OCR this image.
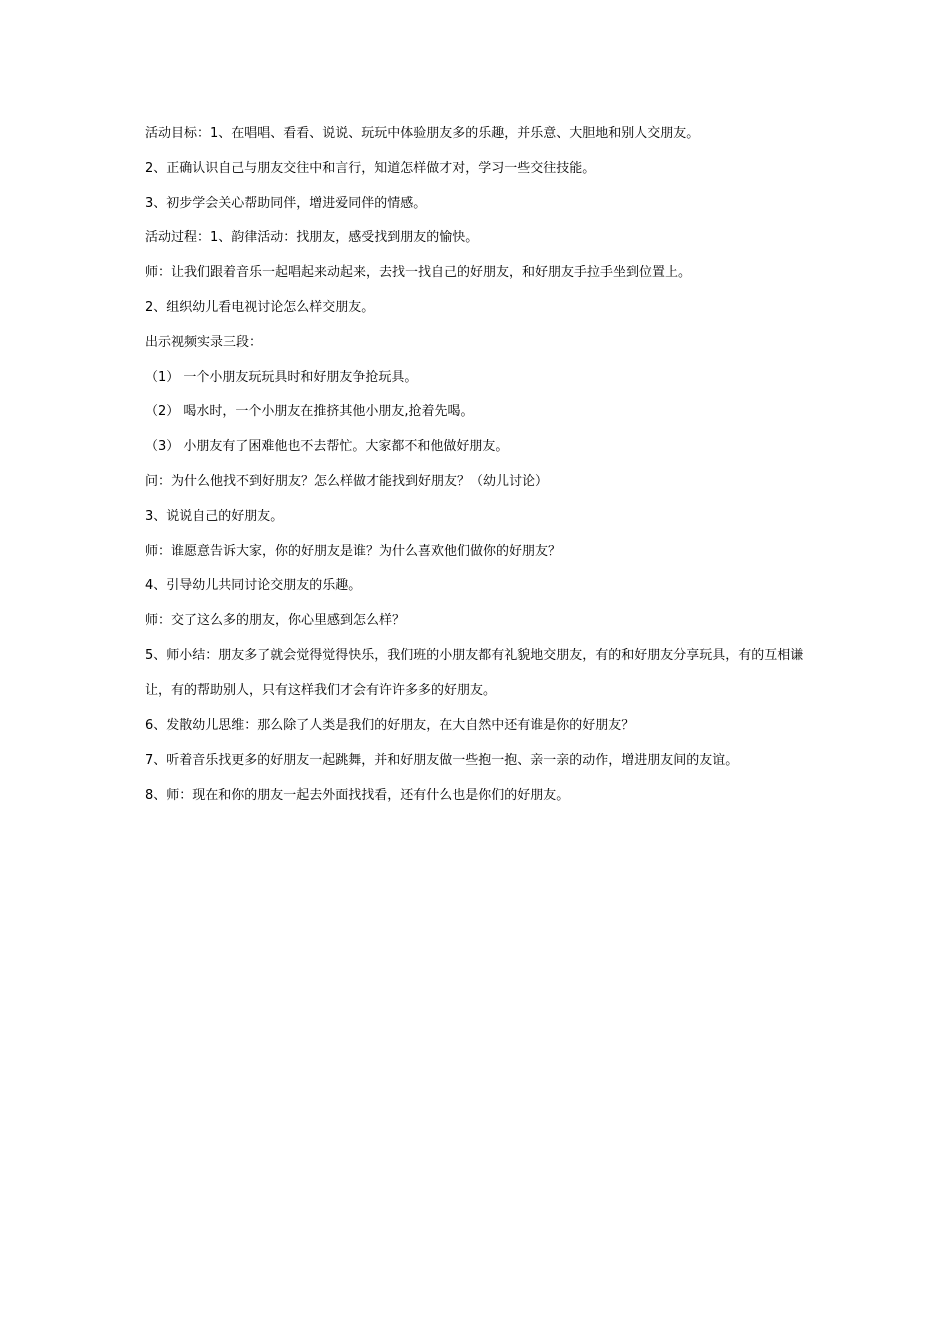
活动目标：1、在唱唱、看看、说说、玩玩中体验朋友多的乐趣，并乐意、大胆地和别人交朋友。

2、正确认识自己与朋友交往中和言行，知道怎样做才对，学习一些交往技能。

3、初步学会关心帮助同伴，增进爱同伴的情感。

活动过程：1、韵律活动：找朋友，感受找到朋友的愉快。

师：让我们跟着音乐一起唱起来动起来，去找一找自己的好朋友，和好朋友手拉手坐到位置上。

2、组织幼儿看电视讨论怎么样交朋友。

出示视频实录三段：

（1） 一个小朋友玩玩具时和好朋友争抢玩具。

（2） 喝水时，一个小朋友在推挤其他小朋友,抢着先喝。

（3） 小朋友有了困难他也不去帮忙。大家都不和他做好朋友。

问：为什么他找不到好朋友？怎么样做才能找到好朋友？（幼儿讨论）

3、说说自己的好朋友。

师：谁愿意告诉大家，你的好朋友是谁？为什么喜欢他们做你的好朋友？

4、引导幼儿共同讨论交朋友的乐趣。

师：交了这么多的朋友，你心里感到怎么样？

5、师小结：朋友多了就会觉得觉得快乐，我们班的小朋友都有礼貌地交朋友，有的和好朋友分享玩具，有的互相谦让，有的帮助别人，只有这样我们才会有许许多多的好朋友。

6、发散幼儿思维：那么除了人类是我们的好朋友，在大自然中还有谁是你的好朋友？

7、听着音乐找更多的好朋友一起跳舞，并和好朋友做一些抱一抱、亲一亲的动作，增进朋友间的友谊。

8、师：现在和你的朋友一起去外面找找看，还有什么也是你们的好朋友。
